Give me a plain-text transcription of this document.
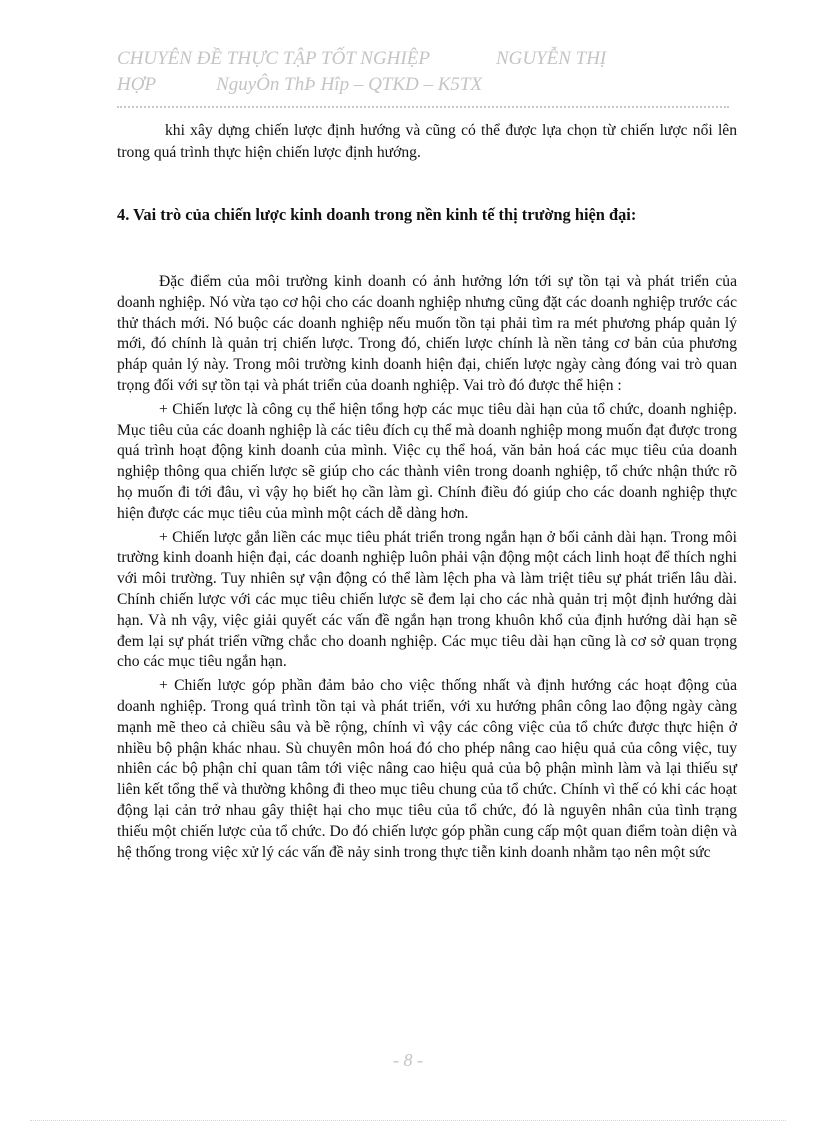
CHUYÊN ĐỀ THỰC TẬP TỐT NGHIỆP	NGUYỄN THỊ
HỢP	NguyÔn ThÞ Hîp – QTKD – K5TX

khi xây dựng chiến lược định hướng và cũng có thể được lựa chọn từ chiến lược nổi lên trong quá trình thực hiện chiến lược định hướng.

4. Vai trò của chiến lược kinh doanh trong nền kinh tế thị trường hiện đại:

Đặc điểm của môi trường kinh doanh có ảnh hưởng lớn tới sự tồn tại và phát triển của doanh nghiệp. Nó vừa tạo cơ hội cho các doanh nghiệp nhưng cũng đặt các doanh nghiệp trước các thử thách mới. Nó buộc các doanh nghiệp nếu muốn tồn tại phải tìm ra mét phương pháp quản lý mới, đó chính là quản trị chiến lược. Trong đó, chiến lược chính là nền tảng cơ bản của phương pháp quản lý này. Trong môi trường kinh doanh hiện đại, chiến lược ngày càng đóng vai trò quan trọng đối với sự tồn tại và phát triển của doanh nghiệp. Vai trò đó được thể hiện :

+ Chiến lược là công cụ thể hiện tổng hợp các mục tiêu dài hạn của tổ chức, doanh nghiệp. Mục tiêu của các doanh nghiệp là các tiêu đích cụ thể mà doanh nghiệp mong muốn đạt được trong quá trình hoạt động kinh doanh của mình. Việc cụ thể hoá, văn bản hoá các mục tiêu của doanh nghiệp thông qua chiến lược sẽ giúp cho các thành viên trong doanh nghiệp, tổ chức nhận thức rõ họ muốn đi tới đâu, vì vậy họ biết họ cần làm gì. Chính điều đó giúp cho các doanh nghiệp thực hiện được các mục tiêu của mình một cách dễ dàng hơn.

+ Chiến lược gắn liền các mục tiêu phát triển trong ngắn hạn ở bối cảnh dài hạn. Trong môi trường kinh doanh hiện đại, các doanh nghiệp luôn phải vận động một cách linh hoạt để thích nghi với môi trường. Tuy nhiên sự vận động có thể làm lệch pha và làm triệt tiêu sự phát triển lâu dài. Chính chiến lược với các mục tiêu chiến lược sẽ đem lại cho các nhà quản trị một định hướng dài hạn. Và nh vậy, việc giải quyết các vấn đề ngắn hạn trong khuôn khổ của định hướng dài hạn sẽ đem lại sự phát triển vững chắc cho doanh nghiệp. Các mục tiêu dài hạn cũng là cơ sở quan trọng cho các mục tiêu ngắn hạn.

+ Chiến lược góp phần đảm bảo cho việc thống nhất và định hướng các hoạt động của doanh nghiệp. Trong quá trình tồn tại và phát triển, với xu hướng phân công lao động ngày càng mạnh mẽ theo cả chiều sâu và bề rộng, chính vì vậy các công việc của tổ chức được thực hiện ở nhiều bộ phận khác nhau. Sù chuyên môn hoá đó cho phép nâng cao hiệu quả của công việc, tuy nhiên các bộ phận chỉ quan tâm tới việc nâng cao hiệu quả của bộ phận mình làm và lại thiếu sự liên kết tổng thể và thường không đi theo mục tiêu chung của tổ chức. Chính vì thế có khi các hoạt động lại cản trở nhau gây thiệt hại cho mục tiêu của tổ chức, đó là nguyên nhân của tình trạng thiếu một chiến lược của tổ chức. Do đó chiến lược góp phần cung cấp một quan điểm toàn diện và hệ thống trong việc xử lý các vấn đề nảy sinh trong thực tiễn kinh doanh nhằm tạo nên một sức

- 8 -
